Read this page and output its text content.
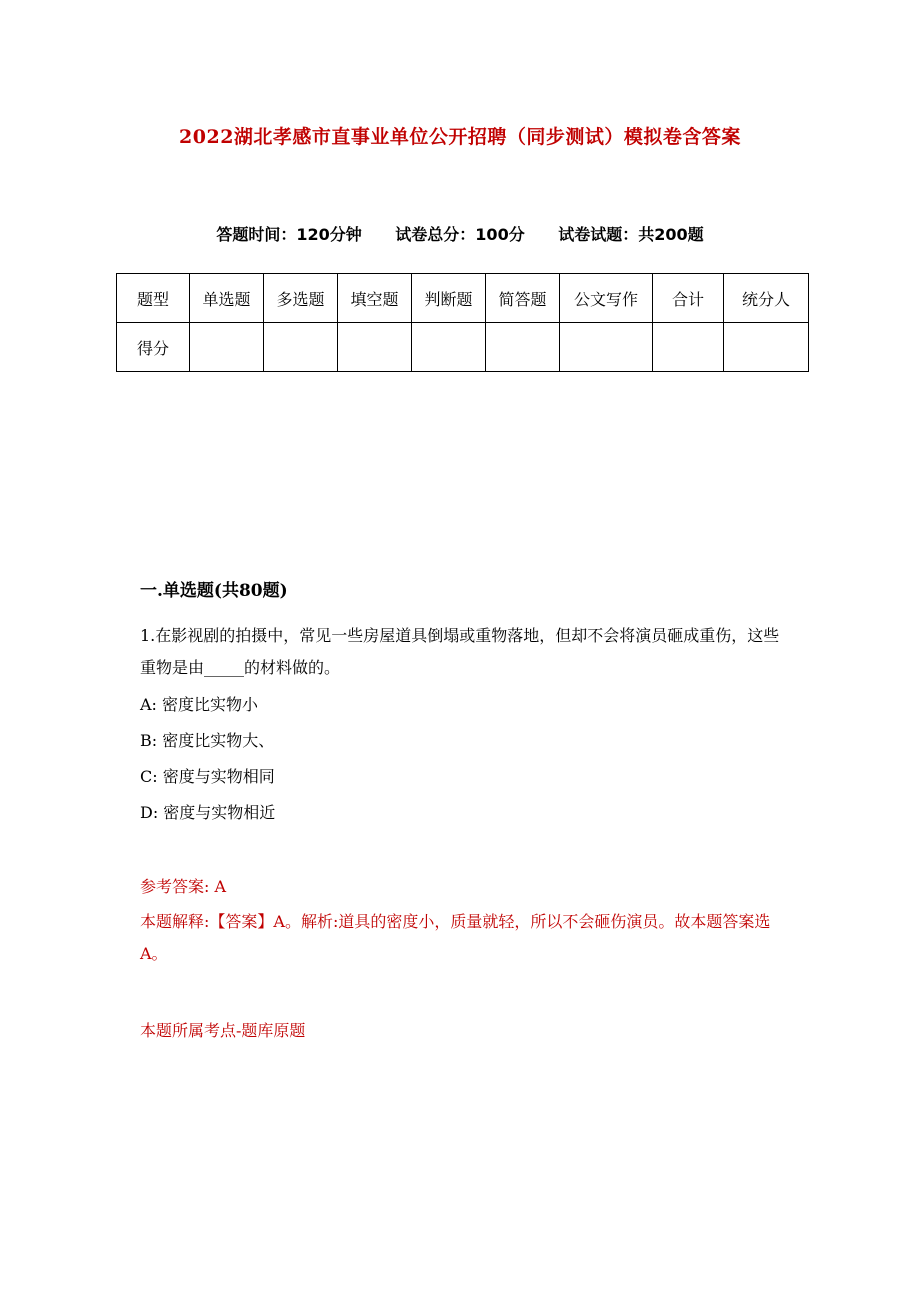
2022湖北孝感市直事业单位公开招聘（同步测试）模拟卷含答案
答题时间：120分钟 试卷总分：100分 试卷试题：共200题
题型	单选题	多选题	填空题	判断题	简答题	公文写作	合计	统分人
得分								
一.单选题(共80题)
1.在影视剧的拍摄中，常见一些房屋道具倒塌或重物落地，但却不会将演员砸成重伤，这些重物是由_____的材料做的。
A: 密度比实物小
B: 密度比实物大、
C: 密度与实物相同
D: 密度与实物相近
参考答案: A
本题解释:【答案】A。解析:道具的密度小，质量就轻，所以不会砸伤演员。故本题答案选A。
本题所属考点-题库原题
